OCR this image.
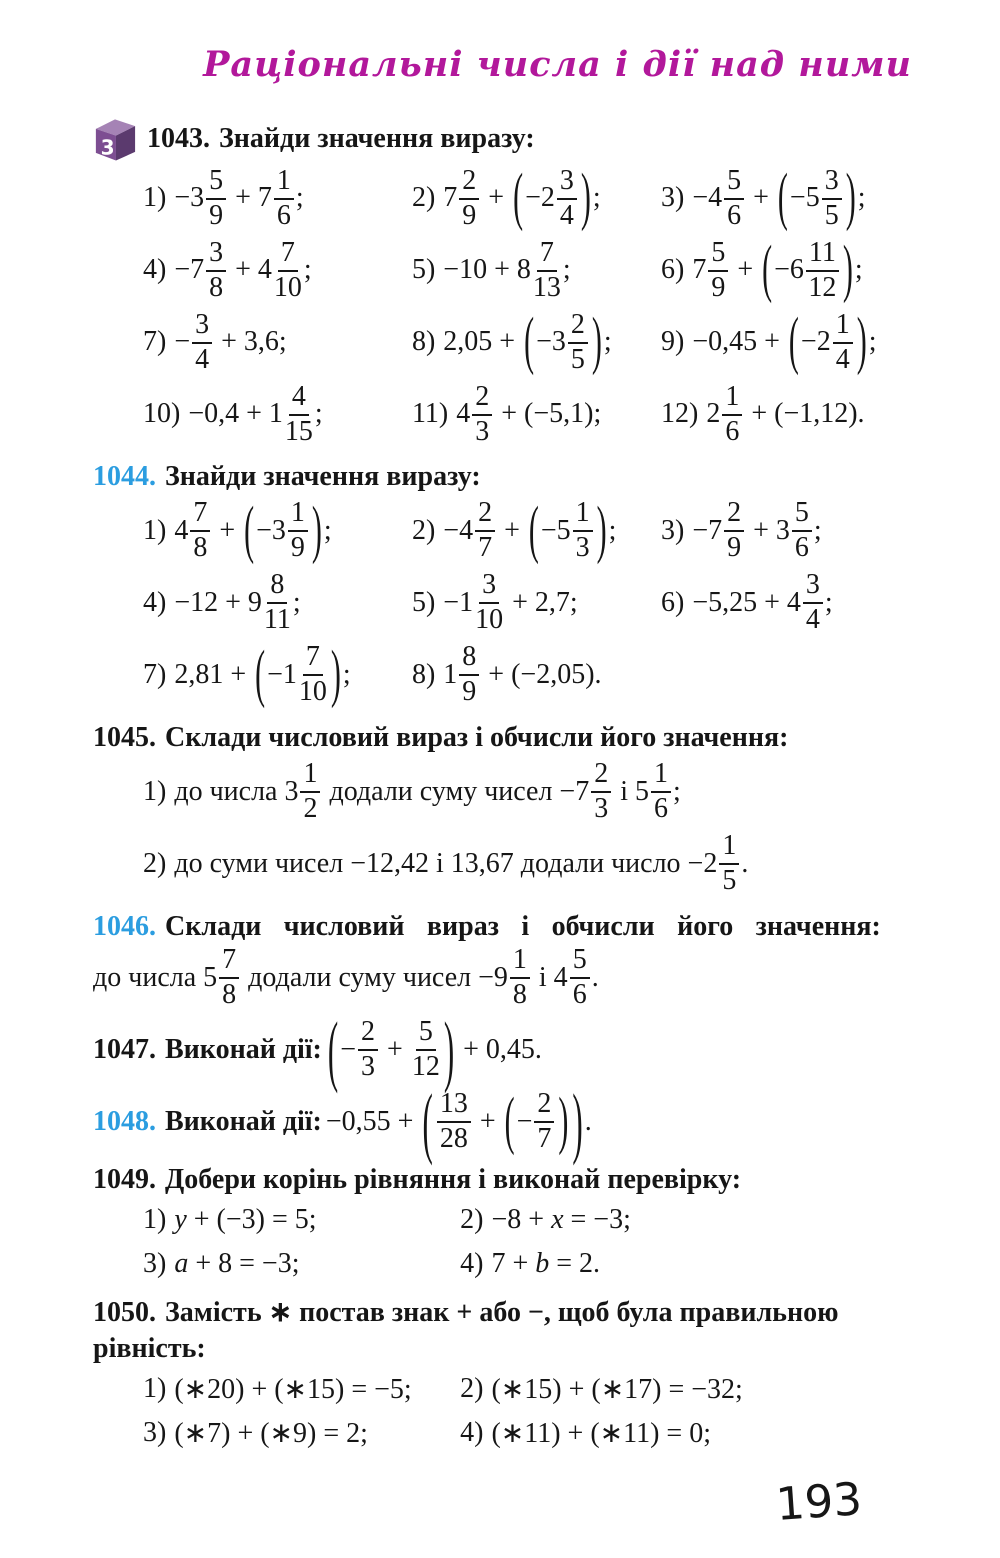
Раціональні числа і дії над ними
3 1043. Знайди значення виразу:
$1) -3 \frac{5}{9} + 7 \frac{1}{6}$ ;	2) $7 \frac{2}{9}$ + ( $-2 \frac{3}{4}$ ) ; $3) -4 \frac{5}{6}$ + ( $-5 \frac{3}{5}$ ) ;
$4) -7 \frac{3}{8} + 4 \frac{7}{10}$ ;	$5) -10 + 8 \frac{7}{13}$ ;	6) $7 \frac{5}{9}$ + ( $-6 \frac{11}{12}$ ) ;
$7) - \frac{3}{4} + 3,6$;	8) 2,05 + ( $-3 \frac{2}{5}$ ) ; 9) −0,45 + ( $-2 \frac{1}{4}$ ) ;
$10) -0,4 + 1 \frac{4}{15}$ ;	11) $4 \frac{2}{3} + (-5,1)$; 12) $2 \frac{1}{6} + (-1,12)$.
1044. Знайди значення виразу:
1) $4 \frac{7}{8}$ + ( $-3 \frac{1}{9}$ ) ;	$2) -4 \frac{2}{7}$ + ( $-5 \frac{1}{3}$ ) ; $3) -7 \frac{2}{9} + 3 \frac{5}{6}$ ;
$4) -12 + 9 \frac{8}{11}$ ;	$5) -1 \frac{3}{10} + 2,7$;	$6) -5,25 + 4 \frac{3}{4}$ ;
7) 2,81 + ( $-1 \frac{7}{10}$ ) ; 8) $1 \frac{8}{9} + (-2,05)$.
1045. Склади числовий вираз і обчисли його значення:
1) до числа $3 \frac{1}{2}$ додали суму чисел $-7 \frac{2}{3}$ і $5 \frac{1}{6}$ ;
2) до суми чисел −12,42 і 13,67 додали число $-2 \frac{1}{5}$ .
1046. Склади числовий вираз і обчисли його значення:
до числа $5 \frac{7}{8}$ додали суму чисел $-9 \frac{1}{8}$ і $4 \frac{5}{6}$ .
1047. Виконай дії: ( − $\frac{2}{3} + \frac{5}{12}$ ) + 0,45.
1048. Виконай дії: −0,55 + ( $\frac{13}{28}$ + ( − $\frac{2}{7}$ ) ) .
1049. Добери корінь рівняння і виконай перевірку:
1) y + (−3) = 5;	2) −8 + x = −3;
3) a + 8 = −3;	4) 7 + b = 2.
1050. Замість ∗ постав знак + або −, щоб була правильною рівність:
1) (∗20) + (∗15) = −5; 2) (∗15) + (∗17) = −32;
3) (∗7) + (∗9) = 2;	4) (∗11) + (∗11) = 0;
193
